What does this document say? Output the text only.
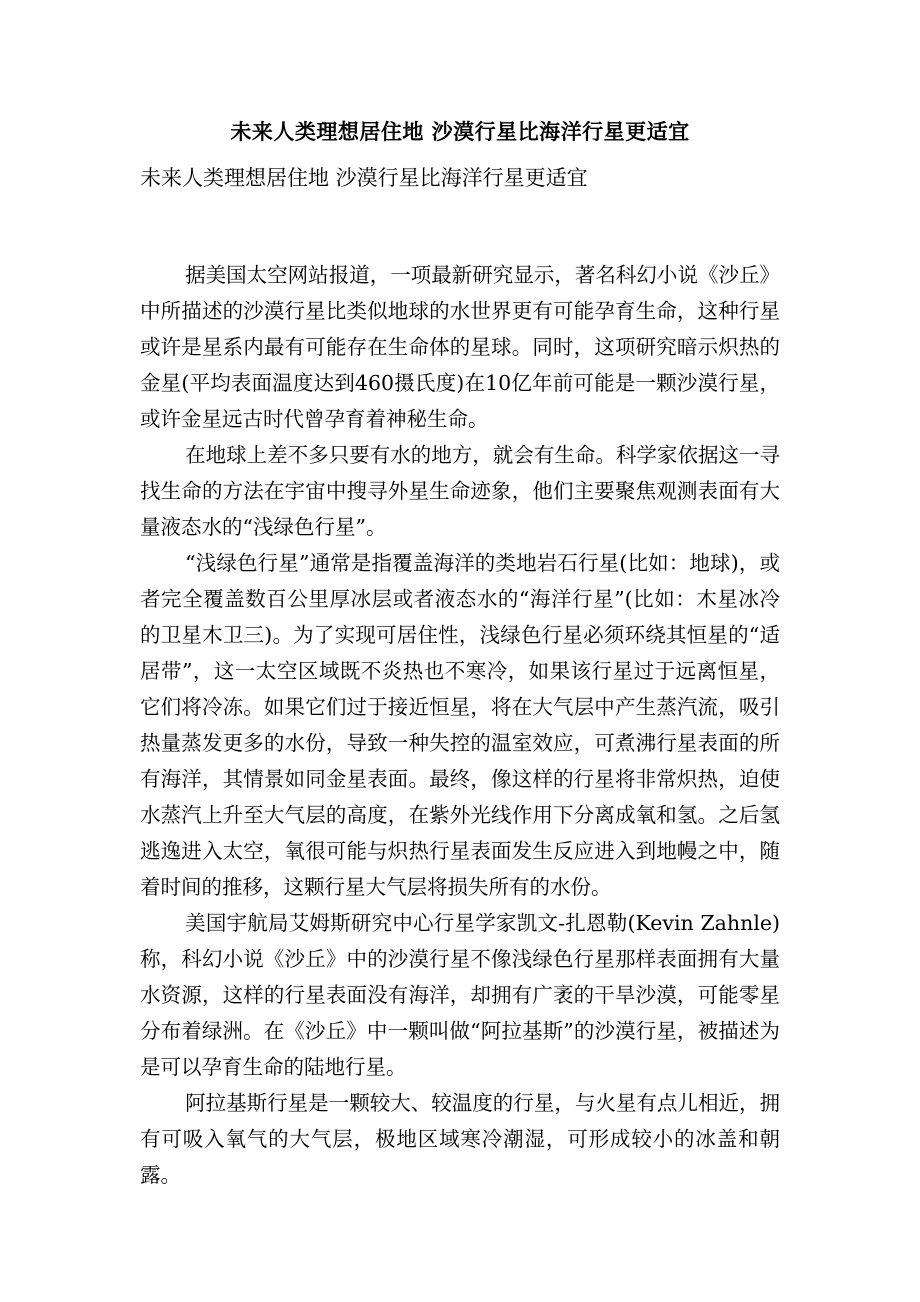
未来人类理想居住地 沙漠行星比海洋行星更适宜
未来人类理想居住地 沙漠行星比海洋行星更适宜

据美国太空网站报道，一项最新研究显示，著名科幻小说《沙丘》中所描述的沙漠行星比类似地球的水世界更有可能孕育生命，这种行星或许是星系内最有可能存在生命体的星球。同时，这项研究暗示炽热的金星(平均表面温度达到460摄氏度)在10亿年前可能是一颗沙漠行星，或许金星远古时代曾孕育着神秘生命。

在地球上差不多只要有水的地方，就会有生命。科学家依据这一寻找生命的方法在宇宙中搜寻外星生命迹象，他们主要聚焦观测表面有大量液态水的“浅绿色行星”。

“浅绿色行星”通常是指覆盖海洋的类地岩石行星(比如：地球)，或者完全覆盖数百公里厚冰层或者液态水的“海洋行星”(比如：木星冰冷的卫星木卫三)。为了实现可居住性，浅绿色行星必须环绕其恒星的“适居带”，这一太空区域既不炎热也不寒冷，如果该行星过于远离恒星，它们将冷冻。如果它们过于接近恒星，将在大气层中产生蒸汽流，吸引热量蒸发更多的水份，导致一种失控的温室效应，可煮沸行星表面的所有海洋，其情景如同金星表面。最终，像这样的行星将非常炽热，迫使水蒸汽上升至大气层的高度，在紫外光线作用下分离成氧和氢。之后氢逃逸进入太空，氧很可能与炽热行星表面发生反应进入到地幔之中，随着时间的推移，这颗行星大气层将损失所有的水份。

美国宇航局艾姆斯研究中心行星学家凯文-扎恩勒(Kevin Zahnle)称，科幻小说《沙丘》中的沙漠行星不像浅绿色行星那样表面拥有大量水资源，这样的行星表面没有海洋，却拥有广袤的干旱沙漠，可能零星分布着绿洲。在《沙丘》中一颗叫做“阿拉基斯”的沙漠行星，被描述为是可以孕育生命的陆地行星。

阿拉基斯行星是一颗较大、较温度的行星，与火星有点儿相近，拥有可吸入氧气的大气层，极地区域寒冷潮湿，可形成较小的冰盖和朝露。
